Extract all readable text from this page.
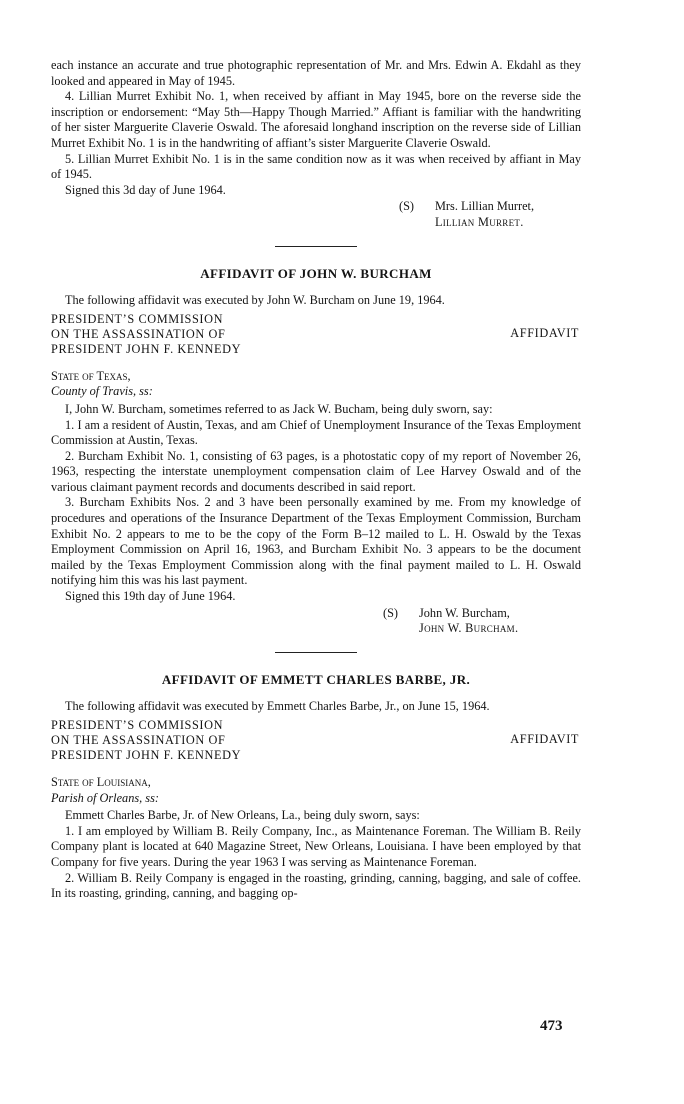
each instance an accurate and true photographic representation of Mr. and Mrs. Edwin A. Ekdahl as they looked and appeared in May of 1945.

4. Lillian Murret Exhibit No. 1, when received by affiant in May 1945, bore on the reverse side the inscription or endorsement: “May 5th—Happy Though Married.” Affiant is familiar with the handwriting of her sister Marguerite Claverie Oswald. The aforesaid longhand inscription on the reverse side of Lillian Murret Exhibit No. 1 is in the handwriting of affiant’s sister Marguerite Claverie Oswald.

5. Lillian Murret Exhibit No. 1 is in the same condition now as it was when received by affiant in May of 1945.

Signed this 3d day of June 1964.

(S) Mrs. Lillian Murret,
Lillian Murret.
AFFIDAVIT OF JOHN W. BURCHAM

The following affidavit was executed by John W. Burcham on June 19, 1964.

PRESIDENT’S COMMISSION
ON THE ASSASSINATION OF
PRESIDENT JOHN F. KENNEDY
AFFIDAVIT
State of Texas,
County of Travis, ss:

I, John W. Burcham, sometimes referred to as Jack W. Bucham, being duly sworn, say:

1. I am a resident of Austin, Texas, and am Chief of Unemployment Insurance of the Texas Employment Commission at Austin, Texas.

2. Burcham Exhibit No. 1, consisting of 63 pages, is a photostatic copy of my report of November 26, 1963, respecting the interstate unemployment compensation claim of Lee Harvey Oswald and of the various claimant payment records and documents described in said report.

3. Burcham Exhibits Nos. 2 and 3 have been personally examined by me. From my knowledge of procedures and operations of the Insurance Department of the Texas Employment Commission, Burcham Exhibit No. 2 appears to me to be the copy of the Form B–12 mailed to L. H. Oswald by the Texas Employment Commission on April 16, 1963, and Burcham Exhibit No. 3 appears to be the document mailed by the Texas Employment Commission along with the final payment mailed to L. H. Oswald notifying him this was his last payment.

Signed this 19th day of June 1964.

(S) John W. Burcham,
John W. Burcham.
AFFIDAVIT OF EMMETT CHARLES BARBE, JR.

The following affidavit was executed by Emmett Charles Barbe, Jr., on June 15, 1964.

PRESIDENT’S COMMISSION
ON THE ASSASSINATION OF
PRESIDENT JOHN F. KENNEDY
AFFIDAVIT
State of Louisiana,
Parish of Orleans, ss:

Emmett Charles Barbe, Jr. of New Orleans, La., being duly sworn, says:

1. I am employed by William B. Reily Company, Inc., as Maintenance Foreman. The William B. Reily Company plant is located at 640 Magazine Street, New Orleans, Louisiana. I have been employed by that Company for five years. During the year 1963 I was serving as Maintenance Foreman.

2. William B. Reily Company is engaged in the roasting, grinding, canning, bagging, and sale of coffee. In its roasting, grinding, canning, and bagging op-

473
